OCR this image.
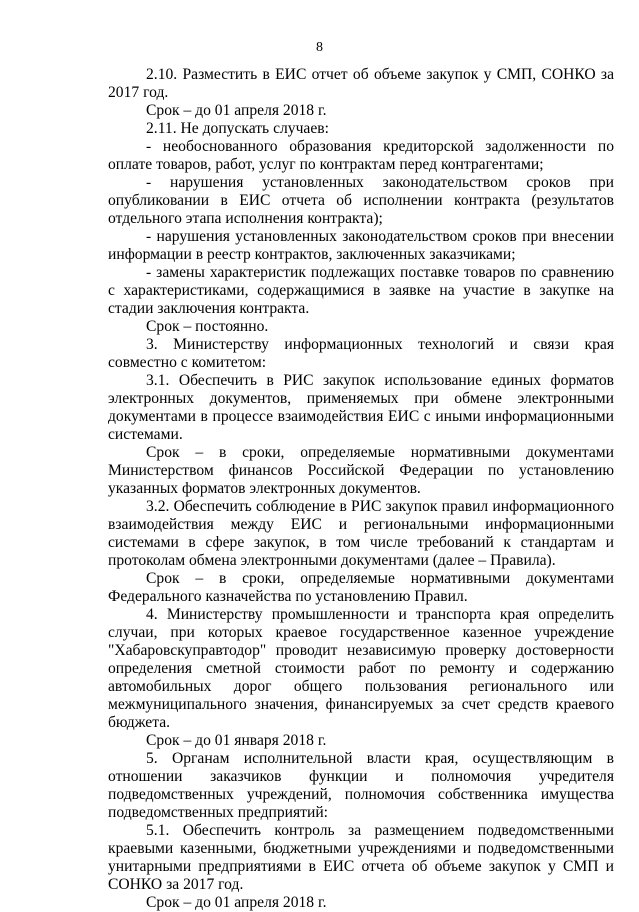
8

2.10. Разместить в ЕИС отчет об объеме закупок у СМП, СОНКО за 2017 год.

Срок – до 01 апреля 2018 г.

2.11. Не допускать случаев:

- необоснованного образования кредиторской задолженности по оплате товаров, работ, услуг по контрактам перед контрагентами;

- нарушения установленных законодательством сроков при опубликовании в ЕИС отчета об исполнении контракта (результатов отдельного этапа исполнения контракта);

- нарушения установленных законодательством сроков при внесении информации в реестр контрактов, заключенных заказчиками;

- замены характеристик подлежащих поставке товаров по сравнению с характеристиками, содержащимися в заявке на участие в закупке на стадии заключения контракта.

Срок – постоянно.

3. Министерству информационных технологий и связи края совместно с комитетом:

3.1. Обеспечить в РИС закупок использование единых форматов электронных документов, применяемых при обмене электронными документами в процессе взаимодействия ЕИС с иными информационными системами.

Срок – в сроки, определяемые нормативными документами Министерством финансов Российской Федерации по установлению указанных форматов электронных документов.

3.2. Обеспечить соблюдение в РИС закупок правил информационного взаимодействия между ЕИС и региональными информационными системами в сфере закупок, в том числе требований к стандартам и протоколам обмена электронными документами (далее – Правила).

Срок – в сроки, определяемые нормативными документами Федерального казначейства по установлению Правил.

4. Министерству промышленности и транспорта края определить случаи, при которых краевое государственное казенное учреждение "Хабаровскуправтодор" проводит независимую проверку достоверности определения сметной стоимости работ по ремонту и содержанию автомобильных дорог общего пользования регионального или межмуниципального значения, финансируемых за счет средств краевого бюджета.

Срок – до 01 января 2018 г.

5. Органам исполнительной власти края, осуществляющим в отношении заказчиков функции и полномочия учредителя подведомственных учреждений, полномочия собственника имущества подведомственных предприятий:

5.1. Обеспечить контроль за размещением подведомственными краевыми казенными, бюджетными учреждениями и подведомственными унитарными предприятиями в ЕИС отчета об объеме закупок у СМП и СОНКО за 2017 год.

Срок – до 01 апреля 2018 г.
